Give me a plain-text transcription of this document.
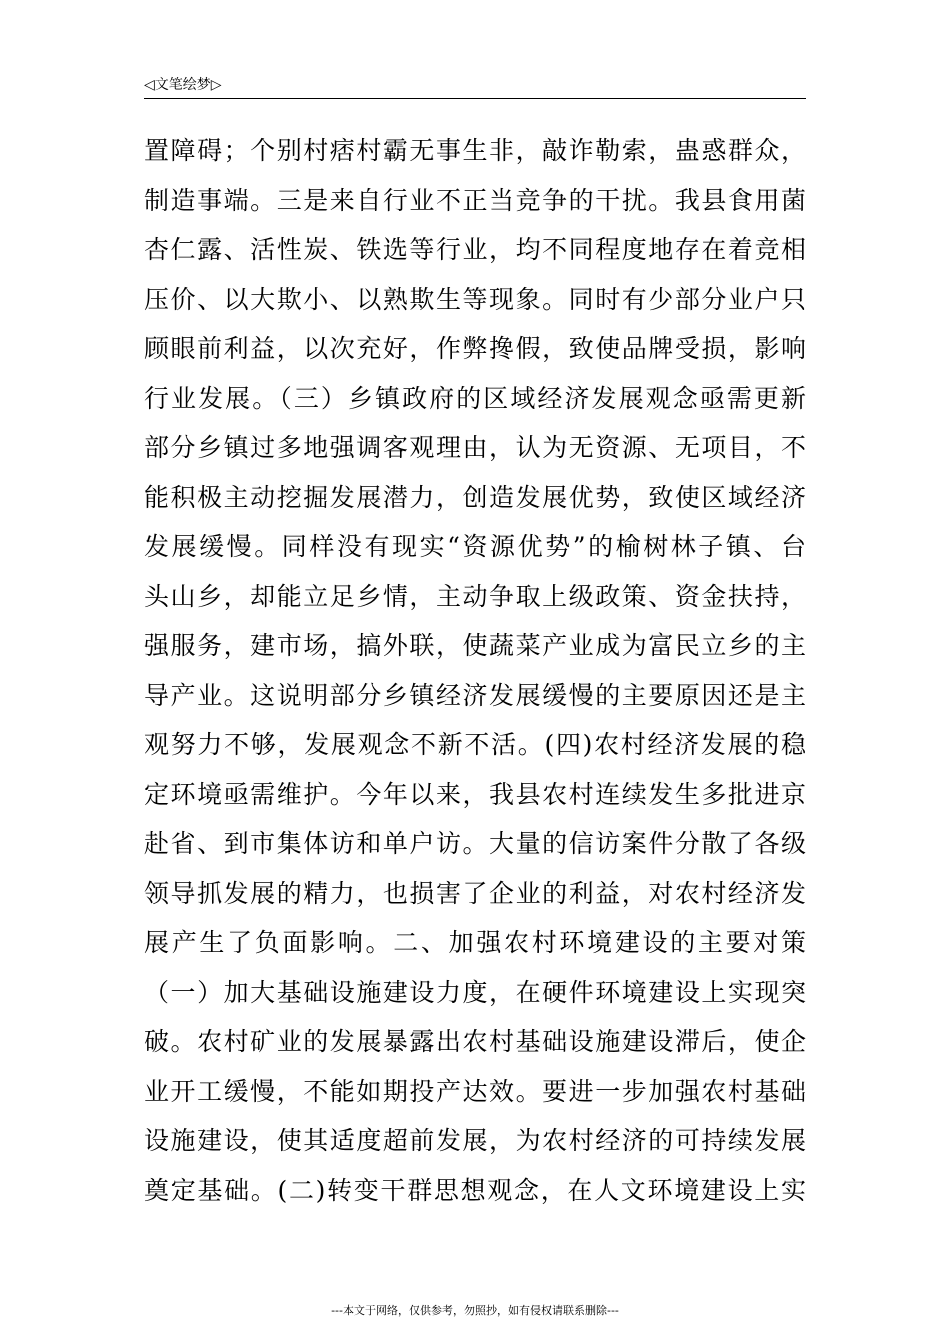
◁文笔绘梦▷
置障碍；个别村痞村霸无事生非，敲诈勒索，蛊惑群众，
制造事端。三是来自行业不正当竞争的干扰。我县食用菌
杏仁露、活性炭、铁选等行业，均不同程度地存在着竞相
压价、以大欺小、以熟欺生等现象。同时有少部分业户只
顾眼前利益，以次充好，作弊搀假，致使品牌受损，影响
行业发展。（三）乡镇政府的区域经济发展观念亟需更新
部分乡镇过多地强调客观理由，认为无资源、无项目，不
能积极主动挖掘发展潜力，创造发展优势，致使区域经济
发展缓慢。同样没有现实“资源优势”的榆树林子镇、台
头山乡，却能立足乡情，主动争取上级政策、资金扶持，
强服务，建市场，搞外联，使蔬菜产业成为富民立乡的主
导产业。这说明部分乡镇经济发展缓慢的主要原因还是主
观努力不够，发展观念不新不活。(四)农村经济发展的稳
定环境亟需维护。今年以来，我县农村连续发生多批进京
赴省、到市集体访和单户访。大量的信访案件分散了各级
领导抓发展的精力，也损害了企业的利益，对农村经济发
展产生了负面影响。二、加强农村环境建设的主要对策
（一）加大基础设施建设力度，在硬件环境建设上实现突
破。农村矿业的发展暴露出农村基础设施建设滞后，使企
业开工缓慢，不能如期投产达效。要进一步加强农村基础
设施建设，使其适度超前发展，为农村经济的可持续发展
奠定基础。(二)转变干群思想观念，在人文环境建设上实
---本文于网络，仅供参考，勿照抄，如有侵权请联系删除---
